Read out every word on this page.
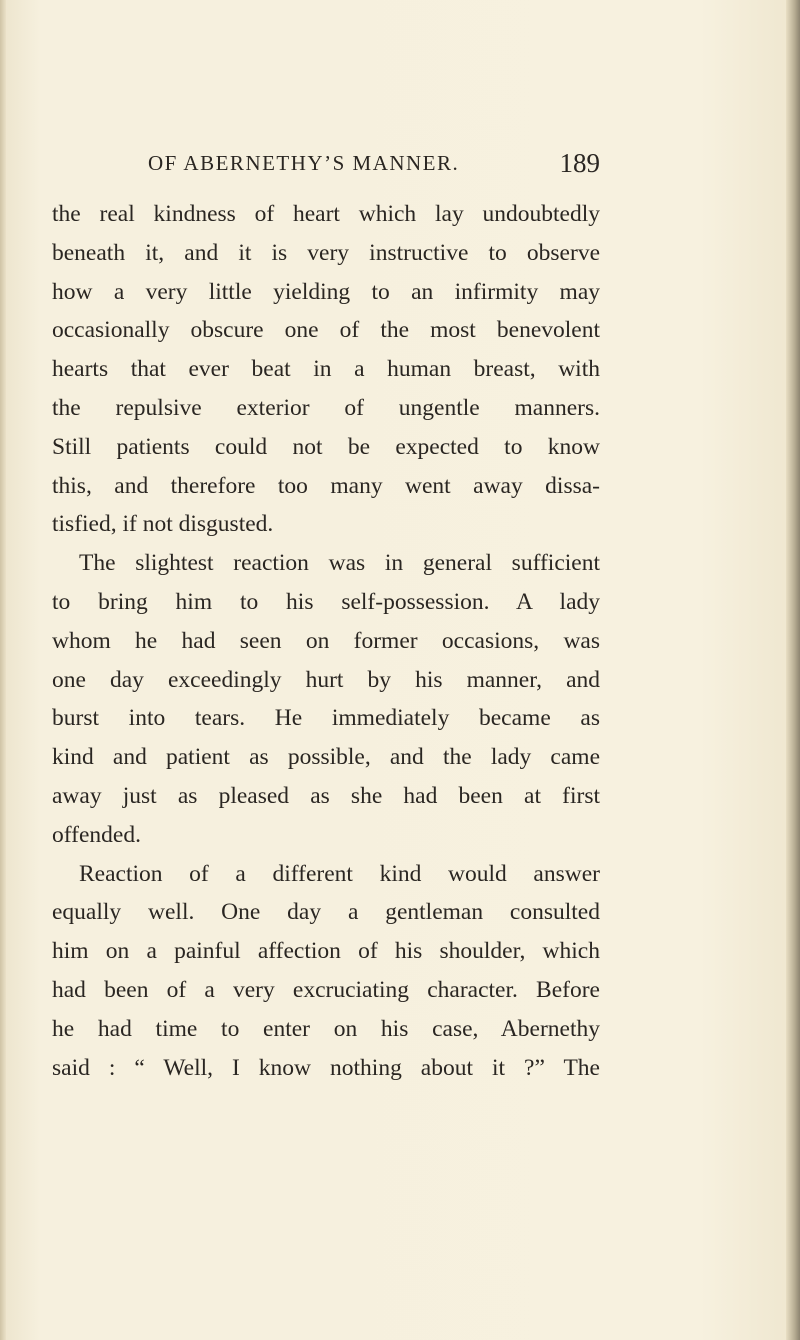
OF ABERNETHY’S MANNER.	189
the real kindness of heart which lay undoubtedly
beneath it, and it is very instructive to observe
how a very little yielding to an infirmity may
occasionally obscure one of the most benevolent
hearts that ever beat in a human breast, with
the repulsive exterior of ungentle manners.
Still patients could not be expected to know
this, and therefore too many went away dissa-
tisfied, if not disgusted.
The slightest reaction was in general sufficient
to bring him to his self-possession. A lady
whom he had seen on former occasions, was
one day exceedingly hurt by his manner, and
burst into tears. He immediately became as
kind and patient as possible, and the lady came
away just as pleased as she had been at first
offended.
Reaction of a different kind would answer
equally well. One day a gentleman consulted
him on a painful affection of his shoulder, which
had been of a very excruciating character. Before
he had time to enter on his case, Abernethy
said : “ Well, I know nothing about it ?” The
